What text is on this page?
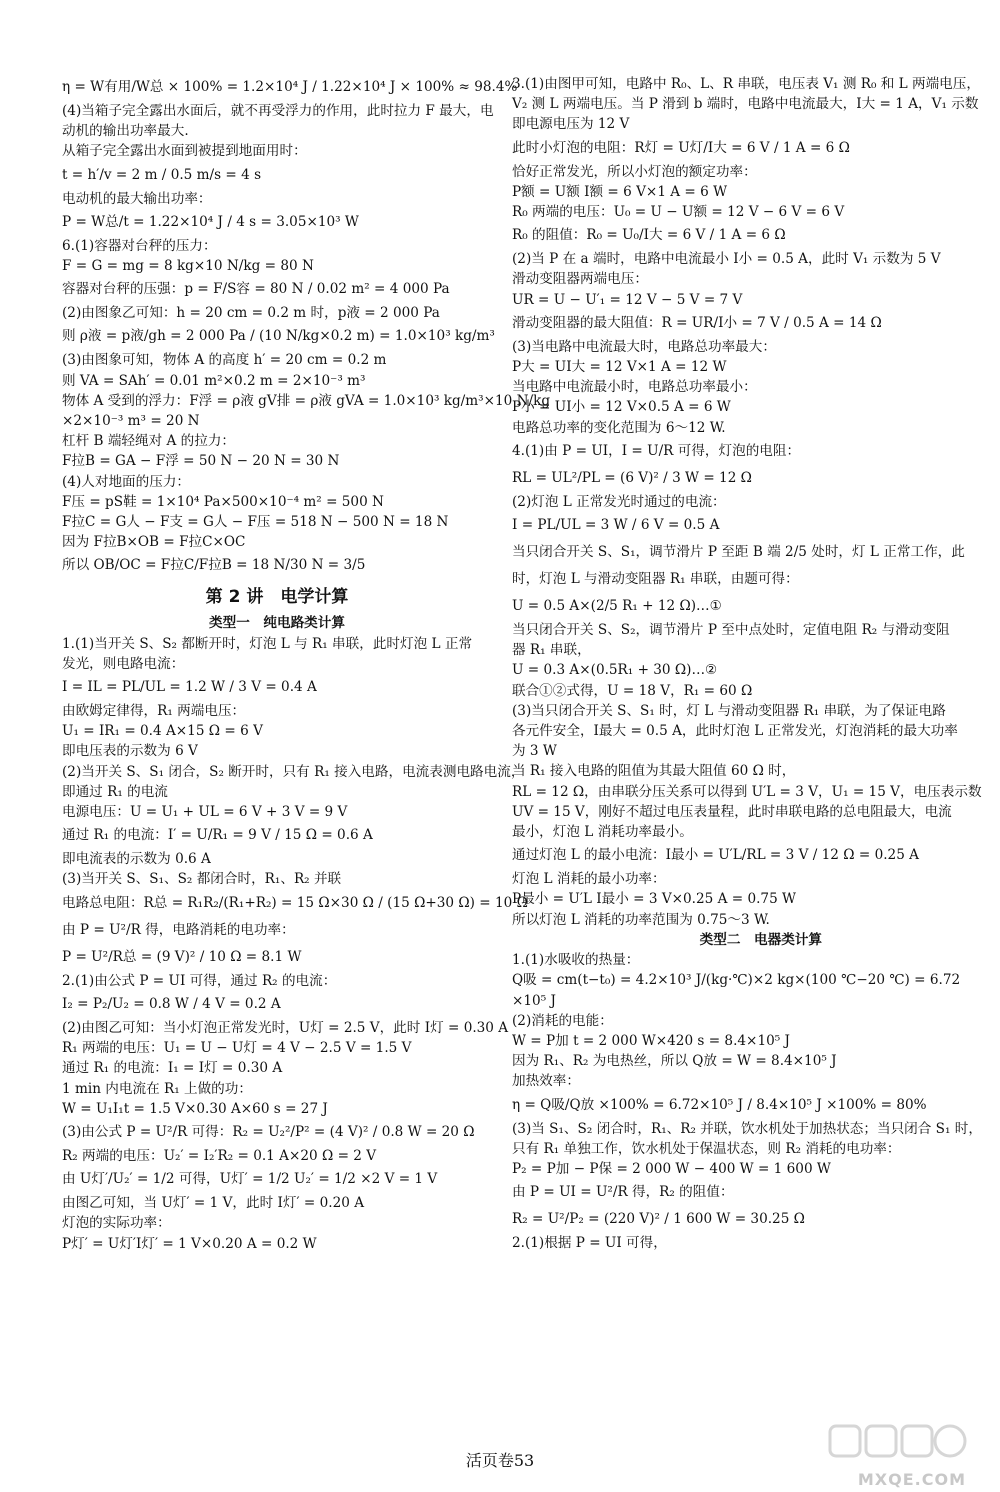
η = W有用/W总 × 100% = 1.2×10⁴ J / 1.22×10⁴ J × 100% ≈ 98.4%
(4)当箱子完全露出水面后，就不再受浮力的作用，此时拉力 F 最大，电
动机的输出功率最大.
从箱子完全露出水面到被提到地面用时：
t = h′/v = 2 m / 0.5 m/s = 4 s
电动机的最大输出功率：
P = W总/t = 1.22×10⁴ J / 4 s = 3.05×10³ W
6.(1)容器对台秤的压力：
F = G = mg = 8 kg×10 N/kg = 80 N
容器对台秤的压强：p = F/S容 = 80 N / 0.02 m² = 4 000 Pa
(2)由图象乙可知：h = 20 cm = 0.2 m 时，p液 = 2 000 Pa
则 ρ液 = p液/gh = 2 000 Pa / (10 N/kg×0.2 m) = 1.0×10³ kg/m³
(3)由图象可知，物体 A 的高度 h′ = 20 cm = 0.2 m
则 VA = SAh′ = 0.01 m²×0.2 m = 2×10⁻³ m³
物体 A 受到的浮力：F浮 = ρ液 gV排 = ρ液 gVA = 1.0×10³ kg/m³×10 N/kg
×2×10⁻³ m³ = 20 N
杠杆 B 端轻绳对 A 的拉力：
F拉B = GA − F浮 = 50 N − 20 N = 30 N
(4)人对地面的压力：
F压 = pS鞋 = 1×10⁴ Pa×500×10⁻⁴ m² = 500 N
F拉C = G人 − F支 = G人 − F压 = 518 N − 500 N = 18 N
因为 F拉B×OB = F拉C×OC
所以 OB/OC = F拉C/F拉B = 18 N/30 N = 3/5
第 2 讲　电学计算
类型一　纯电路类计算
1.(1)当开关 S、S₂ 都断开时，灯泡 L 与 R₁ 串联，此时灯泡 L 正常
发光，则电路电流：
I = IL = PL/UL = 1.2 W / 3 V = 0.4 A
由欧姆定律得，R₁ 两端电压：
U₁ = IR₁ = 0.4 A×15 Ω = 6 V
即电压表的示数为 6 V
(2)当开关 S、S₁ 闭合，S₂ 断开时，只有 R₁ 接入电路，电流表测电路电流，
即通过 R₁ 的电流
电源电压：U = U₁ + UL = 6 V + 3 V = 9 V
通过 R₁ 的电流：I′ = U/R₁ = 9 V / 15 Ω = 0.6 A
即电流表的示数为 0.6 A
(3)当开关 S、S₁、S₂ 都闭合时，R₁、R₂ 并联
电路总电阻：R总 = R₁R₂/(R₁+R₂) = 15 Ω×30 Ω / (15 Ω+30 Ω) = 10 Ω
由 P = U²/R 得，电路消耗的电功率：
P = U²/R总 = (9 V)² / 10 Ω = 8.1 W
2.(1)由公式 P = UI 可得，通过 R₂ 的电流：
I₂ = P₂/U₂ = 0.8 W / 4 V = 0.2 A
(2)由图乙可知：当小灯泡正常发光时，U灯 = 2.5 V，此时 I灯 = 0.30 A
R₁ 两端的电压：U₁ = U − U灯 = 4 V − 2.5 V = 1.5 V
通过 R₁ 的电流：I₁ = I灯 = 0.30 A
1 min 内电流在 R₁ 上做的功：
W = U₁I₁t = 1.5 V×0.30 A×60 s = 27 J
(3)由公式 P = U²/R 可得：R₂ = U₂²/P² = (4 V)² / 0.8 W = 20 Ω
R₂ 两端的电压：U₂′ = I₂′R₂ = 0.1 A×20 Ω = 2 V
由 U灯′/U₂′ = 1/2 可得，U灯′ = 1/2 U₂′ = 1/2 ×2 V = 1 V
由图乙可知，当 U灯′ = 1 V，此时 I灯′ = 0.20 A
灯泡的实际功率：
P灯′ = U灯′I灯′ = 1 V×0.20 A = 0.2 W
3.(1)由图甲可知，电路中 R₀、L、R 串联，电压表 V₁ 测 R₀ 和 L 两端电压，
V₂ 测 L 两端电压。当 P 滑到 b 端时，电路中电流最大，I大 = 1 A，V₁ 示数
即电源电压为 12 V
此时小灯泡的电阻：R灯 = U灯/I大 = 6 V / 1 A = 6 Ω
恰好正常发光，所以小灯泡的额定功率：
P额 = U额 I额 = 6 V×1 A = 6 W
R₀ 两端的电压：U₀ = U − U额 = 12 V − 6 V = 6 V
R₀ 的阻值：R₀ = U₀/I大 = 6 V / 1 A = 6 Ω
(2)当 P 在 a 端时，电路中电流最小 I小 = 0.5 A，此时 V₁ 示数为 5 V
滑动变阻器两端电压：
UR = U − U′₁ = 12 V − 5 V = 7 V
滑动变阻器的最大阻值：R = UR/I小 = 7 V / 0.5 A = 14 Ω
(3)当电路中电流最大时，电路总功率最大：
P大 = UI大 = 12 V×1 A = 12 W
当电路中电流最小时，电路总功率最小：
P小 = UI小 = 12 V×0.5 A = 6 W
电路总功率的变化范围为 6～12 W.
4.(1)由 P = UI，I = U/R 可得，灯泡的电阻：
RL = UL²/PL = (6 V)² / 3 W = 12 Ω
(2)灯泡 L 正常发光时通过的电流：
I = PL/UL = 3 W / 6 V = 0.5 A
当只闭合开关 S、S₁，调节滑片 P 至距 B 端 2/5 处时，灯 L 正常工作，此
时，灯泡 L 与滑动变阻器 R₁ 串联，由题可得：
U = 0.5 A×(2/5 R₁ + 12 Ω)…①
当只闭合开关 S、S₂，调节滑片 P 至中点处时，定值电阻 R₂ 与滑动变阻
器 R₁ 串联，
U = 0.3 A×(0.5R₁ + 30 Ω)…②
联合①②式得，U = 18 V，R₁ = 60 Ω
(3)当只闭合开关 S、S₁ 时，灯 L 与滑动变阻器 R₁ 串联，为了保证电路
各元件安全，I最大 = 0.5 A，此时灯泡 L 正常发光，灯泡消耗的最大功率
为 3 W
当 R₁ 接入电路的阻值为其最大阻值 60 Ω 时，
RL = 12 Ω，由串联分压关系可以得到 U′L = 3 V，U₁ = 15 V，电压表示数
UV = 15 V，刚好不超过电压表量程，此时串联电路的总电阻最大，电流
最小，灯泡 L 消耗功率最小。
通过灯泡 L 的最小电流：I最小 = U′L/RL = 3 V / 12 Ω = 0.25 A
灯泡 L 消耗的最小功率：
P最小 = U′L I最小 = 3 V×0.25 A = 0.75 W
所以灯泡 L 消耗的功率范围为 0.75～3 W.
类型二　电器类计算
1.(1)水吸收的热量：
Q吸 = cm(t−t₀) = 4.2×10³ J/(kg·℃)×2 kg×(100 ℃−20 ℃) = 6.72
×10⁵ J
(2)消耗的电能：
W = P加 t = 2 000 W×420 s = 8.4×10⁵ J
因为 R₁、R₂ 为电热丝，所以 Q放 = W = 8.4×10⁵ J
加热效率：
η = Q吸/Q放 ×100% = 6.72×10⁵ J / 8.4×10⁵ J ×100% = 80%
(3)当 S₁、S₂ 闭合时，R₁、R₂ 并联，饮水机处于加热状态；当只闭合 S₁ 时，
只有 R₁ 单独工作，饮水机处于保温状态，则 R₂ 消耗的电功率：
P₂ = P加 − P保 = 2 000 W − 400 W = 1 600 W
由 P = UI = U²/R 得，R₂ 的阻值：
R₂ = U²/P₂ = (220 V)² / 1 600 W = 30.25 Ω
2.(1)根据 P = UI 可得，
活页卷53
MXQE.COM
